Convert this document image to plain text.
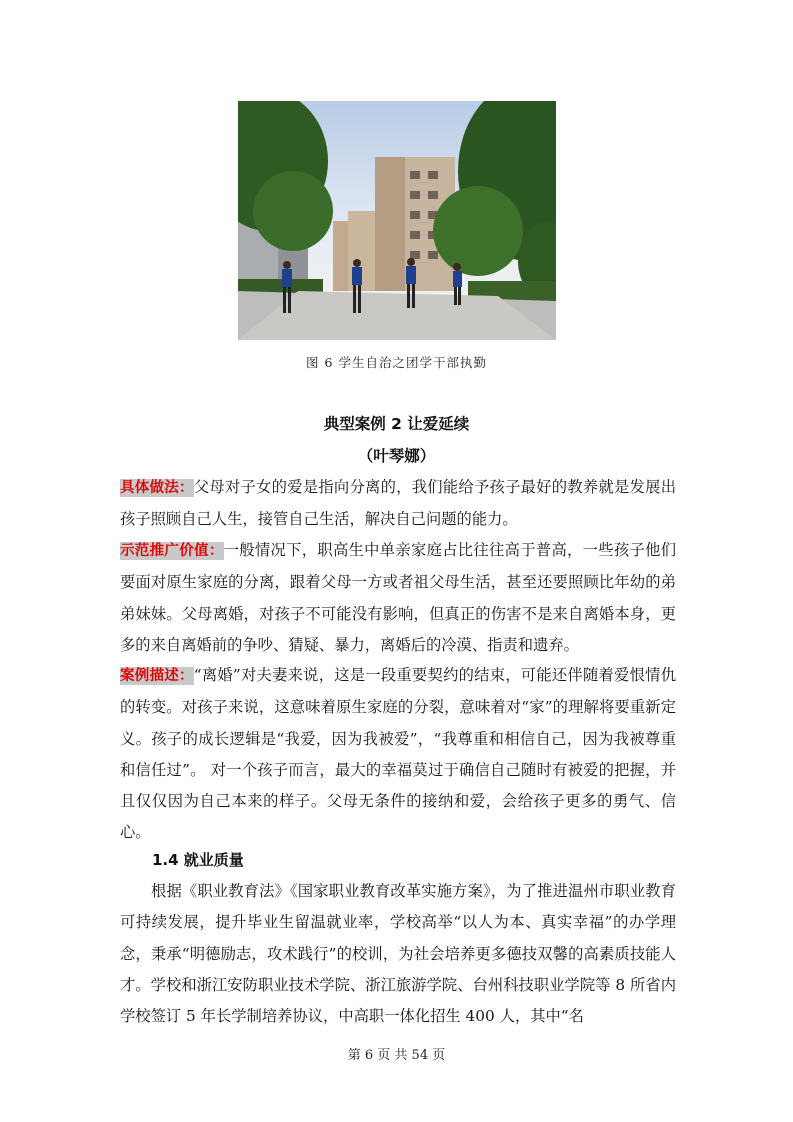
图 6 学生自治之团学干部执勤
典型案例 2 让爱延续
（叶琴娜）
具体做法：父母对子女的爱是指向分离的，我们能给予孩子最好的教养就是发展出孩子照顾自己人生，接管自己生活，解决自己问题的能力。
示范推广价值：一般情况下，职高生中单亲家庭占比往往高于普高，一些孩子他们要面对原生家庭的分离，跟着父母一方或者祖父母生活，甚至还要照顾比年幼的弟弟妹妹。父母离婚，对孩子不可能没有影响，但真正的伤害不是来自离婚本身，更多的来自离婚前的争吵、猜疑、暴力，离婚后的冷漠、指责和遗弃。
案例描述：“离婚”对夫妻来说，这是一段重要契约的结束，可能还伴随着爱恨情仇的转变。对孩子来说，这意味着原生家庭的分裂，意味着对“家”的理解将要重新定义。孩子的成长逻辑是“我爱，因为我被爱”，“我尊重和相信自己，因为我被尊重和信任过”。 对一个孩子而言，最大的幸福莫过于确信自己随时有被爱的把握，并且仅仅因为自己本来的样子。父母无条件的接纳和爱，会给孩子更多的勇气、信心。
1.4 就业质量
根据《职业教育法》《国家职业教育改革实施方案》，为了推进温州市职业教育可持续发展，提升毕业生留温就业率，学校高举“以人为本、真实幸福”的办学理念，秉承“明德励志，攻术践行”的校训，为社会培养更多德技双馨的高素质技能人才。学校和浙江安防职业技术学院、浙江旅游学院、台州科技职业学院等 8 所省内学校签订 5 年长学制培养协议，中高职一体化招生 400 人，其中“名
第 6 页 共 54 页
